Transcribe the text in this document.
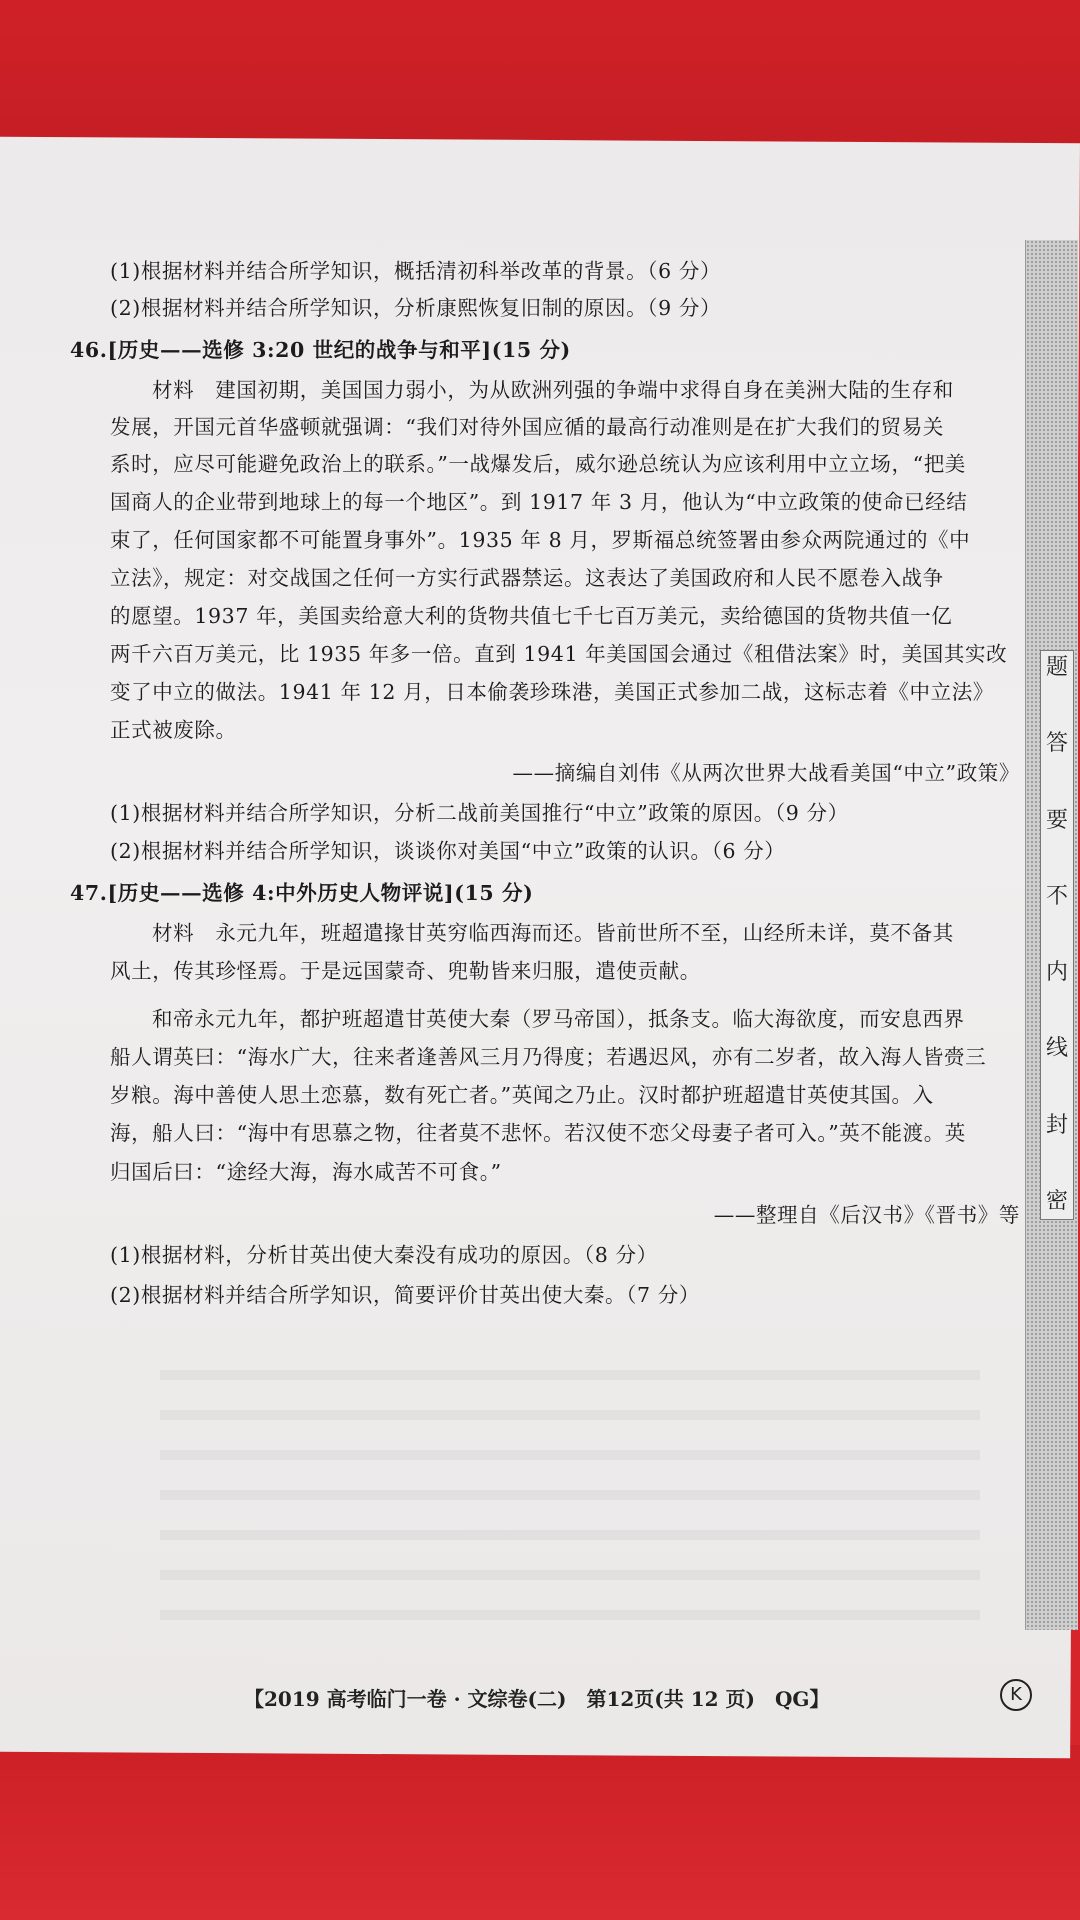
题
答
要
不
内
线
封
密
(1)根据材料并结合所学知识，概括清初科举改革的背景。（6 分）
(2)根据材料并结合所学知识，分析康熙恢复旧制的原因。（9 分）
46.[历史——选修 3:20 世纪的战争与和平](15 分)
材料　建国初期，美国国力弱小，为从欧洲列强的争端中求得自身在美洲大陆的生存和
发展，开国元首华盛顿就强调：“我们对待外国应循的最高行动准则是在扩大我们的贸易关
系时，应尽可能避免政治上的联系。”一战爆发后，威尔逊总统认为应该利用中立立场，“把美
国商人的企业带到地球上的每一个地区”。到 1917 年 3 月，他认为“中立政策的使命已经结
束了，任何国家都不可能置身事外”。1935 年 8 月，罗斯福总统签署由参众两院通过的《中
立法》，规定：对交战国之任何一方实行武器禁运。这表达了美国政府和人民不愿卷入战争
的愿望。1937 年，美国卖给意大利的货物共值七千七百万美元，卖给德国的货物共值一亿
两千六百万美元，比 1935 年多一倍。直到 1941 年美国国会通过《租借法案》时，美国其实改
变了中立的做法。1941 年 12 月，日本偷袭珍珠港，美国正式参加二战，这标志着《中立法》
正式被废除。
——摘编自刘伟《从两次世界大战看美国“中立”政策》
(1)根据材料并结合所学知识，分析二战前美国推行“中立”政策的原因。（9 分）
(2)根据材料并结合所学知识，谈谈你对美国“中立”政策的认识。（6 分）
47.[历史——选修 4:中外历史人物评说](15 分)
材料　永元九年，班超遣掾甘英穷临西海而还。皆前世所不至，山经所未详，莫不备其
风土，传其珍怪焉。于是远国蒙奇、兜勒皆来归服，遣使贡献。
和帝永元九年，都护班超遣甘英使大秦（罗马帝国），抵条支。临大海欲度，而安息西界
船人谓英曰：“海水广大，往来者逢善风三月乃得度；若遇迟风，亦有二岁者，故入海人皆赍三
岁粮。海中善使人思土恋慕，数有死亡者。”英闻之乃止。汉时都护班超遣甘英使其国。入
海，船人曰：“海中有思慕之物，往者莫不悲怀。若汉使不恋父母妻子者可入。”英不能渡。英
归国后曰：“途经大海，海水咸苦不可食。”
——整理自《后汉书》《晋书》等
(1)根据材料，分析甘英出使大秦没有成功的原因。（8 分）
(2)根据材料并结合所学知识，简要评价甘英出使大秦。（7 分）
【2019 高考临门一卷 · 文综卷(二)　第12页(共 12 页)　QG】	K
